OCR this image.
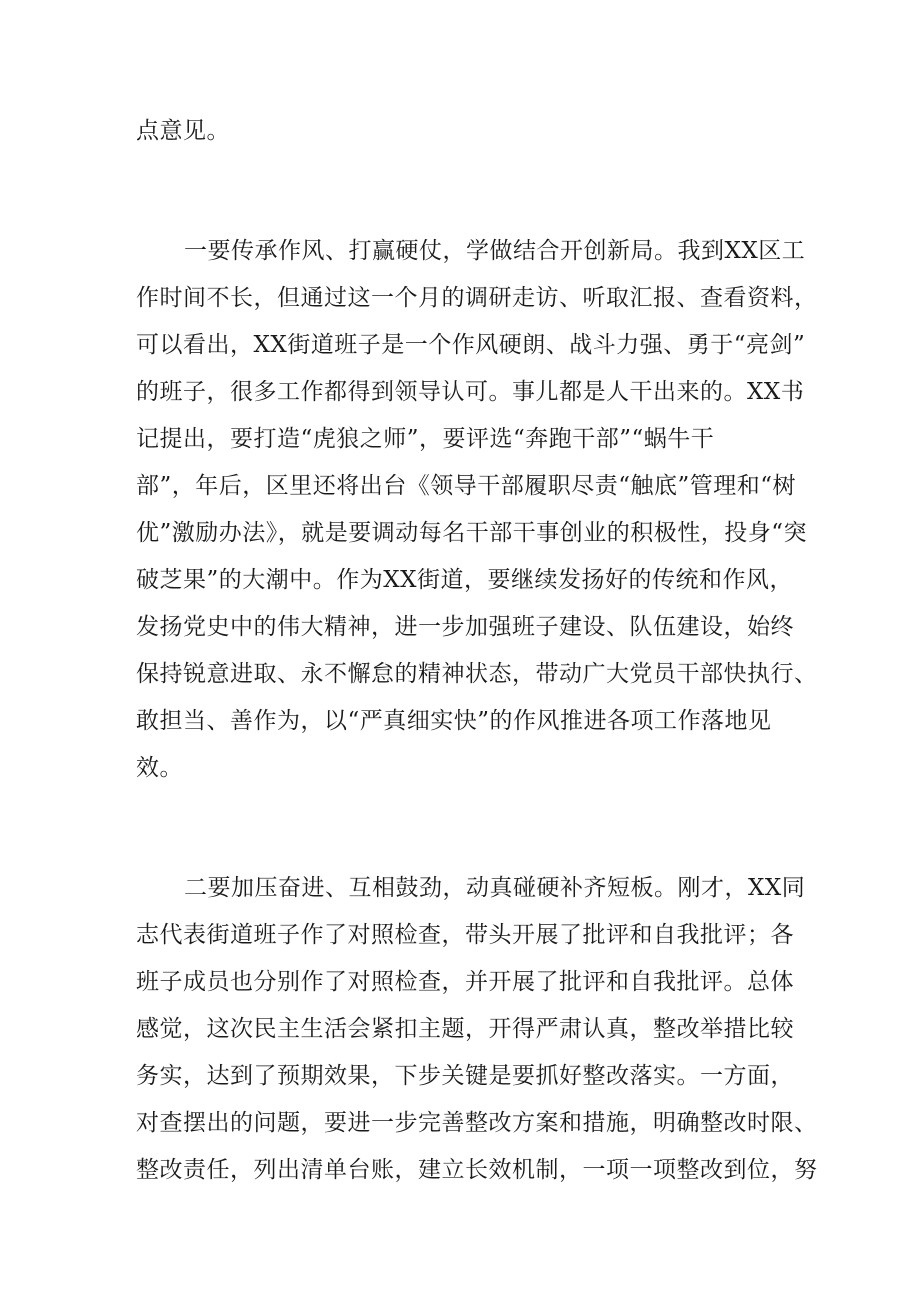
点意见。
一要传承作风、打赢硬仗，学做结合开创新局。我到XX区工
作时间不长，但通过这一个月的调研走访、听取汇报、查看资料，
可以看出，XX街道班子是一个作风硬朗、战斗力强、勇于“亮剑”
的班子，很多工作都得到领导认可。事儿都是人干出来的。XX书
记提出，要打造“虎狼之师”，要评选“奔跑干部”“蜗牛干
部”，年后，区里还将出台《领导干部履职尽责“触底”管理和“树
优”激励办法》，就是要调动每名干部干事创业的积极性，投身“突
破芝果”的大潮中。作为XX街道，要继续发扬好的传统和作风，
发扬党史中的伟大精神，进一步加强班子建设、队伍建设，始终
保持锐意进取、永不懈怠的精神状态，带动广大党员干部快执行、
敢担当、善作为，以“严真细实快”的作风推进各项工作落地见
效。
二要加压奋进、互相鼓劲，动真碰硬补齐短板。刚才，XX同
志代表街道班子作了对照检查，带头开展了批评和自我批评；各
班子成员也分别作了对照检查，并开展了批评和自我批评。总体
感觉，这次民主生活会紧扣主题，开得严肃认真，整改举措比较
务实，达到了预期效果，下步关键是要抓好整改落实。一方面，
对查摆出的问题，要进一步完善整改方案和措施，明确整改时限、
整改责任，列出清单台账，建立长效机制，一项一项整改到位，努
